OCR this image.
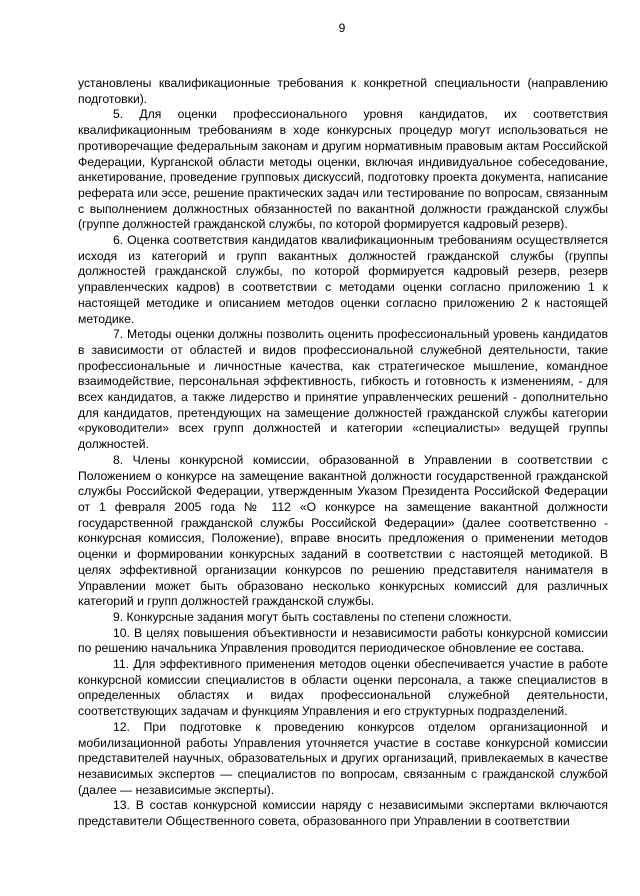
9

установлены квалификационные требования к конкретной специальности (направлению подготовки).

5. Для оценки профессионального уровня кандидатов, их соответствия квалификационным требованиям в ходе конкурсных процедур могут использоваться не противоречащие федеральным законам и другим нормативным правовым актам Российской Федерации, Курганской области методы оценки, включая индивидуальное собеседование, анкетирование, проведение групповых дискуссий, подготовку проекта документа, написание реферата или эссе, решение практических задач или тестирование по вопросам, связанным с выполнением должностных обязанностей по вакантной должности гражданской службы (группе должностей гражданской службы, по которой формируется кадровый резерв).

6. Оценка соответствия кандидатов квалификационным требованиям осуществляется исходя из категорий и групп вакантных должностей гражданской службы (группы должностей гражданской службы, по которой формируется кадровый резерв, резерв управленческих кадров) в соответствии с методами оценки согласно приложению 1 к настоящей методике и описанием методов оценки согласно приложению 2 к настоящей методике.

7. Методы оценки должны позволить оценить профессиональный уровень кандидатов в зависимости от областей и видов профессиональной служебной деятельности, такие профессиональные и личностные качества, как стратегическое мышление, командное взаимодействие, персональная эффективность, гибкость и готовность к изменениям, - для всех кандидатов, а также лидерство и принятие управленческих решений - дополнительно для кандидатов, претендующих на замещение должностей гражданской службы категории «руководители» всех групп должностей и категории «специалисты» ведущей группы должностей.

8. Члены конкурсной комиссии, образованной в Управлении в соответствии с Положением о конкурсе на замещение вакантной должности государственной гражданской службы Российской Федерации, утвержденным Указом Президента Российской Федерации от 1 февраля 2005 года № 112 «О конкурсе на замещение вакантной должности государственной гражданской службы Российской Федерации» (далее соответственно - конкурсная комиссия, Положение), вправе вносить предложения о применении методов оценки и формировании конкурсных заданий в соответствии с настоящей методикой. В целях эффективной организации конкурсов по решению представителя нанимателя в Управлении может быть образовано несколько конкурсных комиссий для различных категорий и групп должностей гражданской службы.

9. Конкурсные задания могут быть составлены по степени сложности.

10. В целях повышения объективности и независимости работы конкурсной комиссии по решению начальника Управления проводится периодическое обновление ее состава.

11. Для эффективного применения методов оценки обеспечивается участие в работе конкурсной комиссии специалистов в области оценки персонала, а также специалистов в определенных областях и видах профессиональной служебной деятельности, соответствующих задачам и функциям Управления и его структурных подразделений.

12. При подготовке к проведению конкурсов отделом организационной и мобилизационной работы Управления уточняется участие в составе конкурсной комиссии представителей научных, образовательных и других организаций, привлекаемых в качестве независимых экспертов — специалистов по вопросам, связанным с гражданской службой (далее — независимые эксперты).

13. В состав конкурсной комиссии наряду с независимыми экспертами включаются представители Общественного совета, образованного при Управлении в соответствии
